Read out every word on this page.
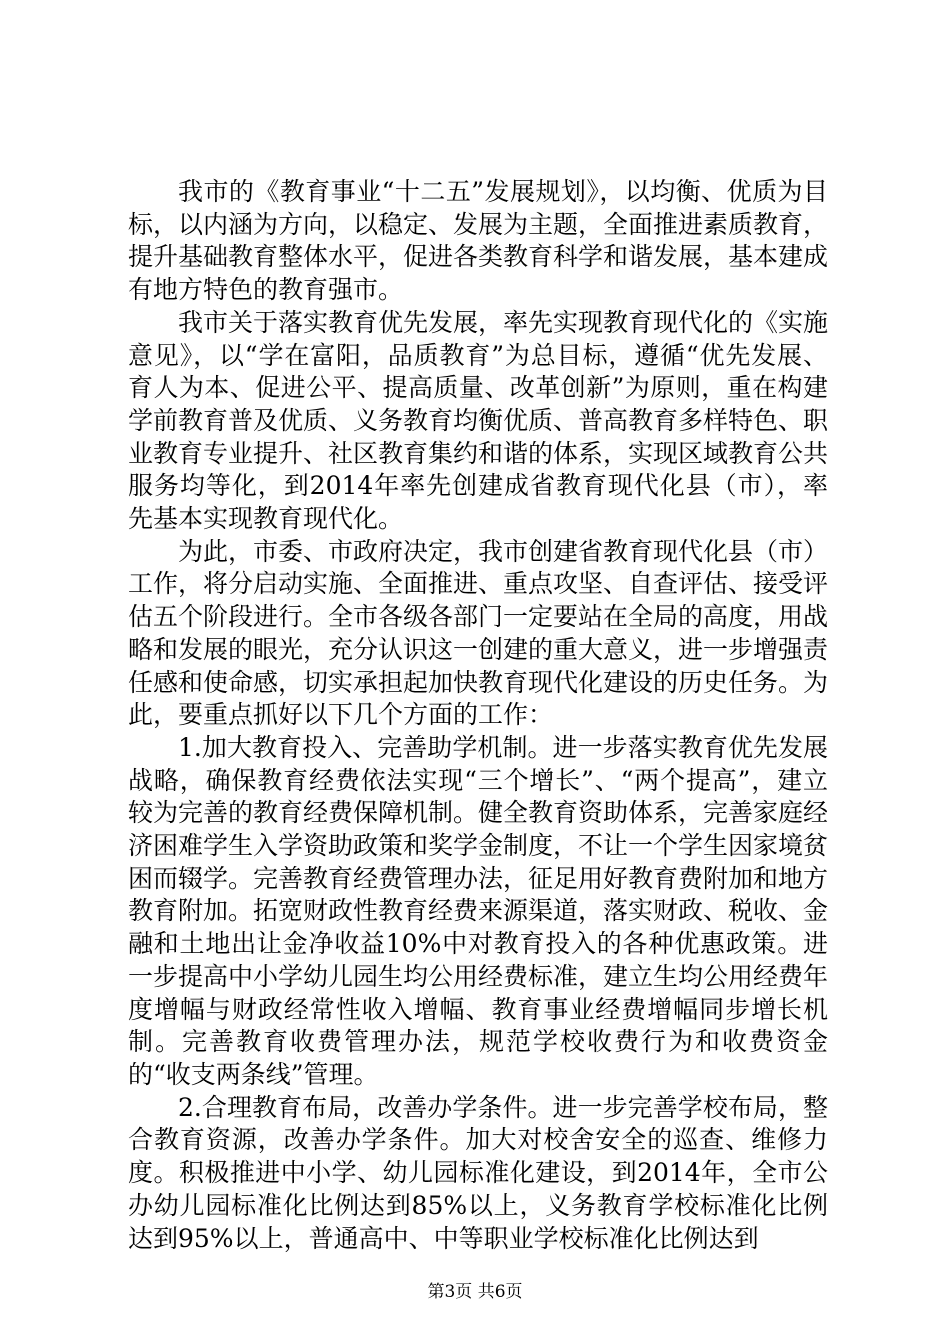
我市的《教育事业“十二五”发展规划》，以均衡、优质为目标，以内涵为方向，以稳定、发展为主题，全面推进素质教育，提升基础教育整体水平，促进各类教育科学和谐发展，基本建成有地方特色的教育强市。

我市关于落实教育优先发展，率先实现教育现代化的《实施意见》，以“学在富阳，品质教育”为总目标，遵循“优先发展、育人为本、促进公平、提高质量、改革创新”为原则，重在构建学前教育普及优质、义务教育均衡优质、普高教育多样特色、职业教育专业提升、社区教育集约和谐的体系，实现区域教育公共服务均等化，到2014年率先创建成省教育现代化县（市），率先基本实现教育现代化。

为此，市委、市政府决定，我市创建省教育现代化县（市）工作，将分启动实施、全面推进、重点攻坚、自查评估、接受评估五个阶段进行。全市各级各部门一定要站在全局的高度，用战略和发展的眼光，充分认识这一创建的重大意义，进一步增强责任感和使命感，切实承担起加快教育现代化建设的历史任务。为此，要重点抓好以下几个方面的工作：

1.加大教育投入、完善助学机制。进一步落实教育优先发展战略，确保教育经费依法实现“三个增长”、“两个提高”，建立较为完善的教育经费保障机制。健全教育资助体系，完善家庭经济困难学生入学资助政策和奖学金制度，不让一个学生因家境贫困而辍学。完善教育经费管理办法，征足用好教育费附加和地方教育附加。拓宽财政性教育经费来源渠道，落实财政、税收、金融和土地出让金净收益10%中对教育投入的各种优惠政策。进一步提高中小学幼儿园生均公用经费标准，建立生均公用经费年度增幅与财政经常性收入增幅、教育事业经费增幅同步增长机制。完善教育收费管理办法，规范学校收费行为和收费资金的“收支两条线”管理。

2.合理教育布局，改善办学条件。进一步完善学校布局，整合教育资源，改善办学条件。加大对校舍安全的巡查、维修力度。积极推进中小学、幼儿园标准化建设，到2014年，全市公办幼儿园标准化比例达到85%以上，义务教育学校标准化比例达到95%以上，普通高中、中等职业学校标准化比例达到

第3页 共6页
